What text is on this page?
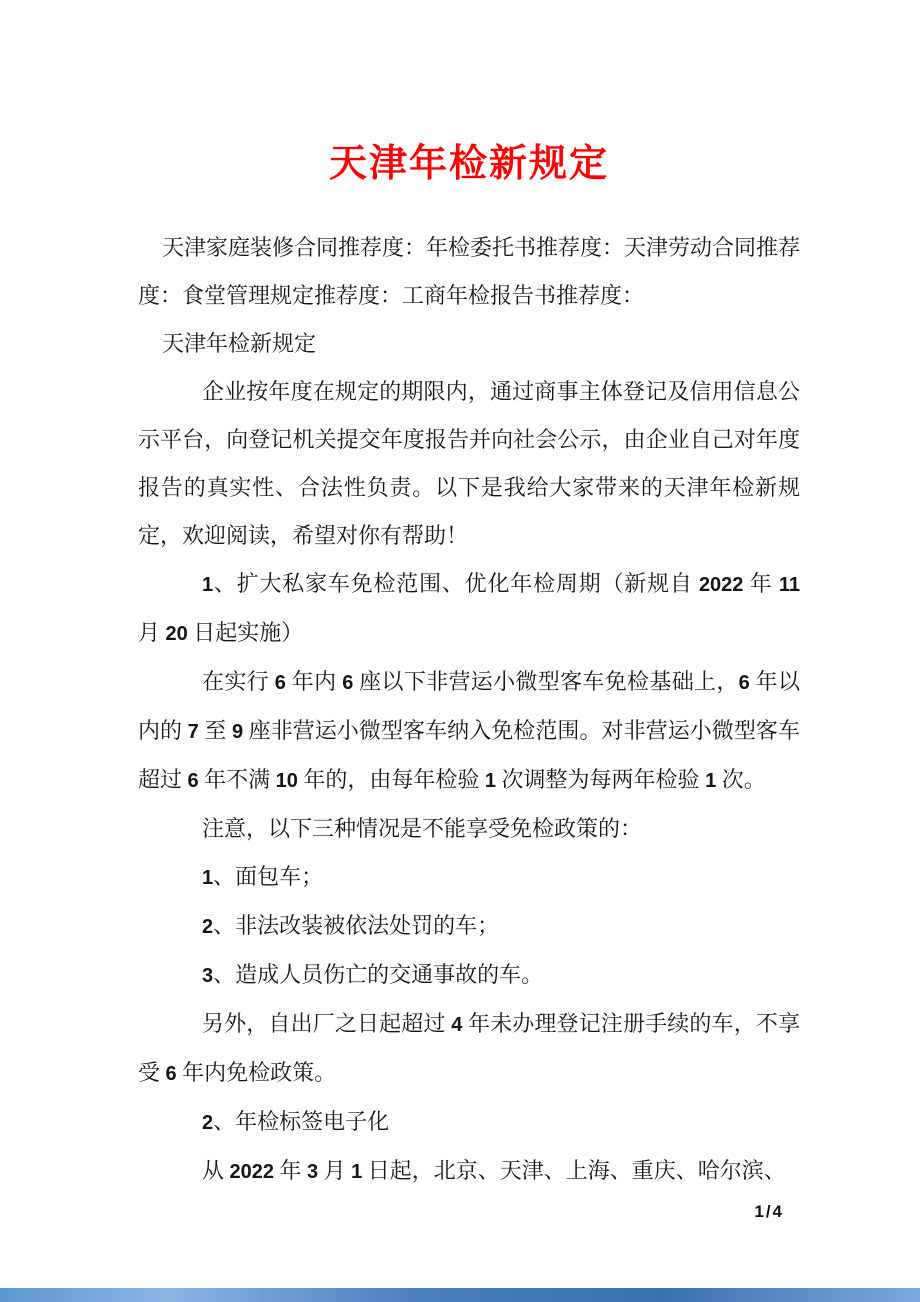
天津年检新规定

天津家庭装修合同推荐度：年检委托书推荐度：天津劳动合同推荐度：食堂管理规定推荐度：工商年检报告书推荐度：

天津年检新规定

企业按年度在规定的期限内，通过商事主体登记及信用信息公示平台，向登记机关提交年度报告并向社会公示，由企业自己对年度报告的真实性、合法性负责。以下是我给大家带来的天津年检新规定，欢迎阅读，希望对你有帮助！

1、扩大私家车免检范围、优化年检周期（新规自 2022 年 11 月 20 日起实施）

在实行 6 年内 6 座以下非营运小微型客车免检基础上，6 年以内的 7 至 9 座非营运小微型客车纳入免检范围。对非营运小微型客车超过 6 年不满 10 年的，由每年检验 1 次调整为每两年检验 1 次。

注意，以下三种情况是不能享受免检政策的：

1、面包车；

2、非法改装被依法处罚的车；

3、造成人员伤亡的交通事故的车。

另外，自出厂之日起超过 4 年未办理登记注册手续的车，不享受 6 年内免检政策。

2、年检标签电子化

从 2022 年 3 月 1 日起，北京、天津、上海、重庆、哈尔滨、

1/4
